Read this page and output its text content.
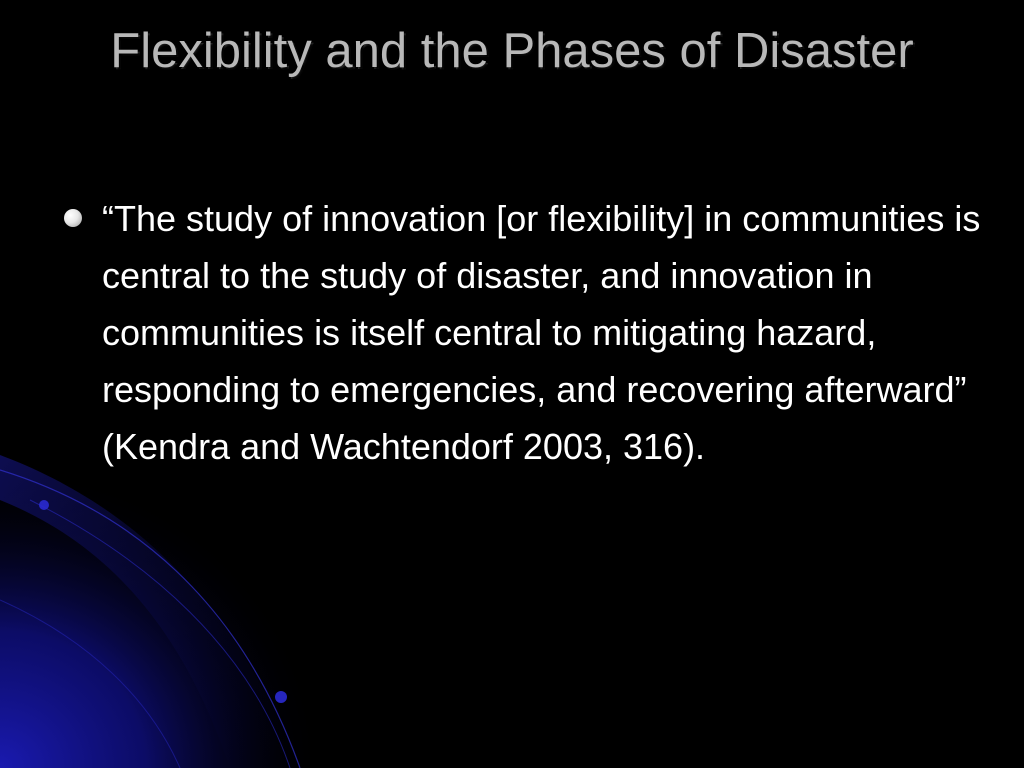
Flexibility and the Phases of Disaster
“The study of innovation [or flexibility] in communities is central to the study of disaster, and innovation in communities is itself central to mitigating hazard, responding to emergencies, and recovering afterward” (Kendra and Wachtendorf 2003, 316).
